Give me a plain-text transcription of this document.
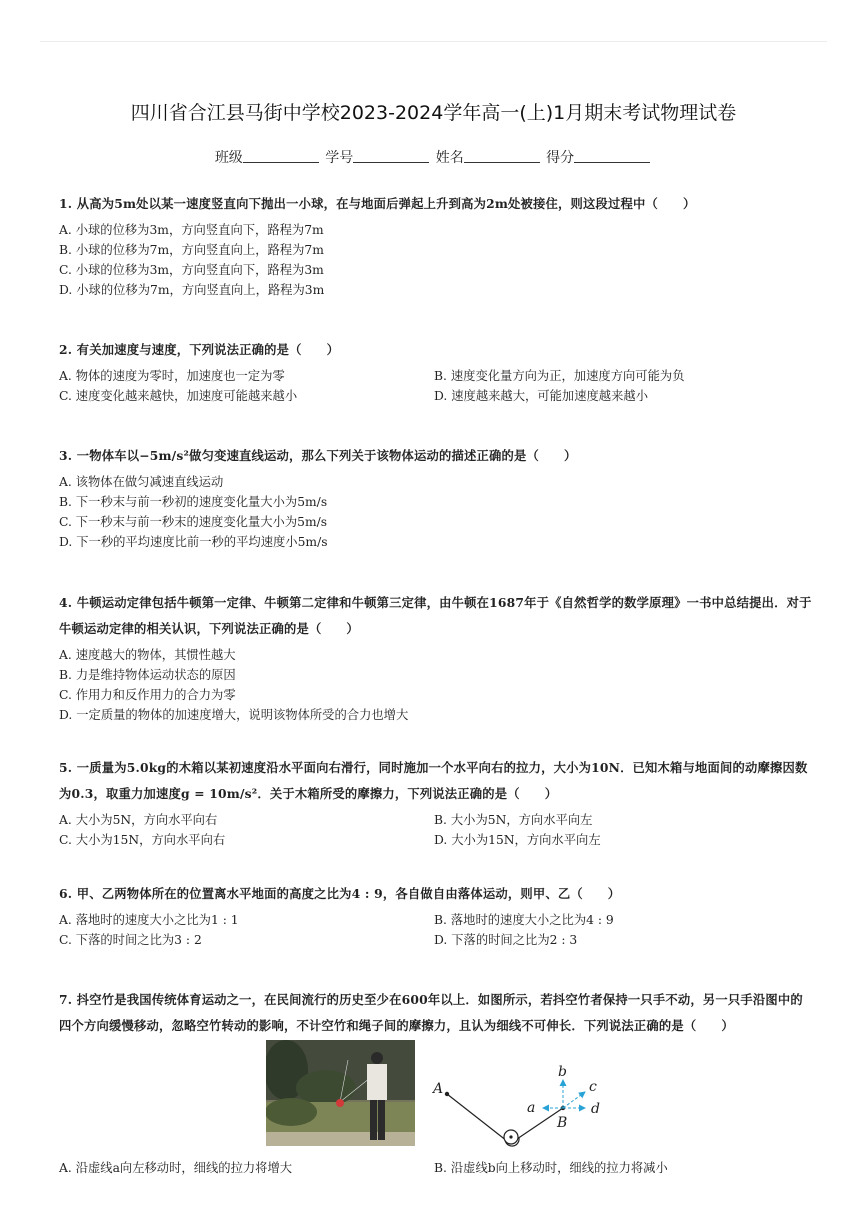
四川省合江县马街中学校2023-2024学年高一(上)1月期末考试物理试卷
班级	学号	姓名	得分
1. 从高为5m处以某一速度竖直向下抛出一小球，在与地面后弹起上升到高为2m处被接住，则这段过程中（　　）
A. 小球的位移为3m，方向竖直向下，路程为7m
B. 小球的位移为7m，方向竖直向上，路程为7m
C. 小球的位移为3m，方向竖直向下，路程为3m
D. 小球的位移为7m，方向竖直向上，路程为3m
2. 有关加速度与速度，下列说法正确的是（　　）
A. 物体的速度为零时，加速度也一定为零	B. 速度变化量方向为正，加速度方向可能为负
C. 速度变化越来越快，加速度可能越来越小	D. 速度越来越大，可能加速度越来越小
3. 一物体车以−5m/s²做匀变速直线运动，那么下列关于该物体运动的描述正确的是（　　）
A. 该物体在做匀减速直线运动
B. 下一秒末与前一秒初的速度变化量大小为5m/s
C. 下一秒末与前一秒末的速度变化量大小为5m/s
D. 下一秒的平均速度比前一秒的平均速度小5m/s
4. 牛顿运动定律包括牛顿第一定律、牛顿第二定律和牛顿第三定律，由牛顿在1687年于《自然哲学的数学原理》一书中总结提出．对于牛顿运动定律的相关认识，下列说法正确的是（　　）
A. 速度越大的物体，其惯性越大
B. 力是维持物体运动状态的原因
C. 作用力和反作用力的合力为零
D. 一定质量的物体的加速度增大，说明该物体所受的合力也增大
5. 一质量为5.0kg的木箱以某初速度沿水平面向右滑行，同时施加一个水平向右的拉力，大小为10N．已知木箱与地面间的动摩擦因数为0.3，取重力加速度g = 10m/s²．关于木箱所受的摩擦力，下列说法正确的是（　　）
A. 大小为5N，方向水平向右	B. 大小为5N，方向水平向左
C. 大小为15N，方向水平向右	D. 大小为15N，方向水平向左
6. 甲、乙两物体所在的位置离水平地面的高度之比为4 : 9，各自做自由落体运动，则甲、乙（　　）
A. 落地时的速度大小之比为1 : 1	B. 落地时的速度大小之比为4 : 9
C. 下落的时间之比为3 : 2	D. 下落的时间之比为2 : 3
7. 抖空竹是我国传统体育运动之一，在民间流行的历史至少在600年以上．如图所示，若抖空竹者保持一只手不动，另一只手沿图中的四个方向缓慢移动，忽略空竹转动的影响，不计空竹和绳子间的摩擦力，且认为细线不可伸长．下列说法正确的是（　　）
A
B
a
b
c
d
A. 沿虚线a向左移动时，细线的拉力将增大	B. 沿虚线b向上移动时，细线的拉力将减小
